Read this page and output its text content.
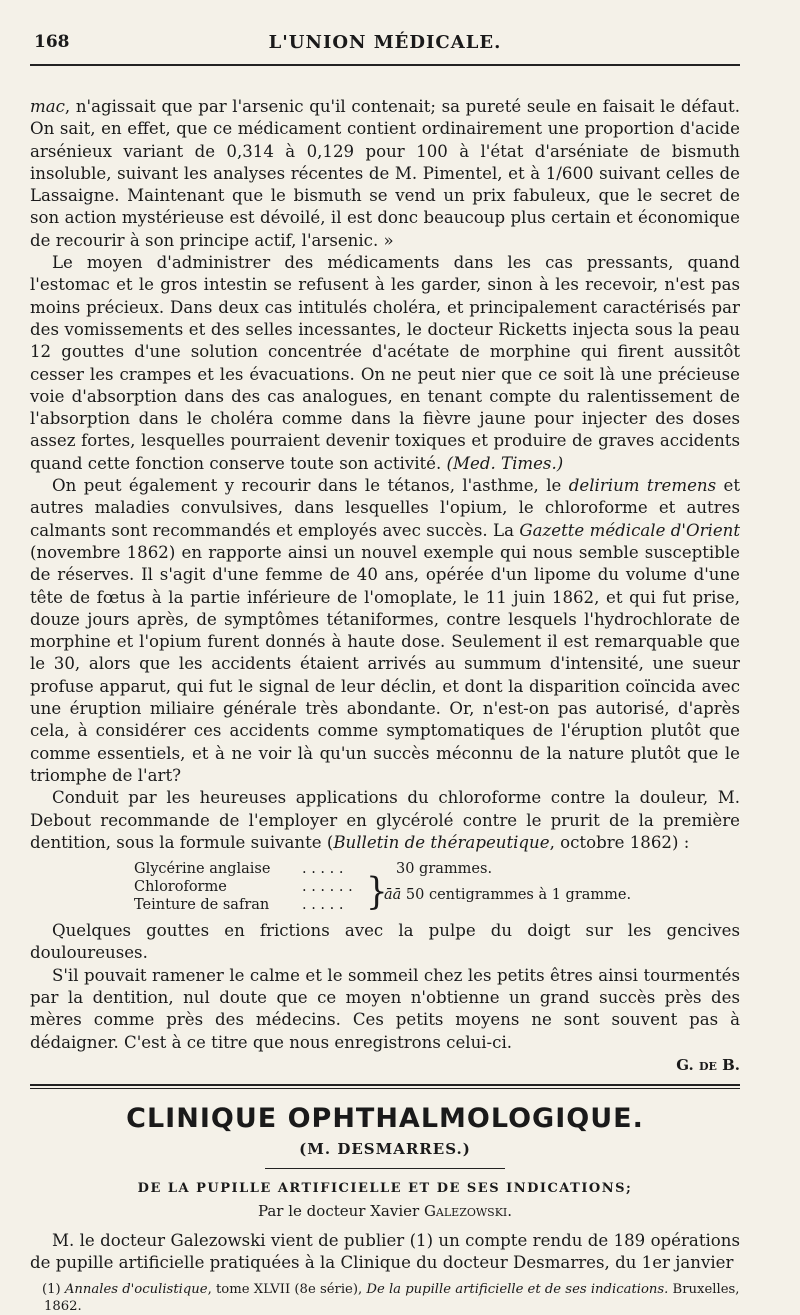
168	L'UNION MÉDICALE.

mac, n'agissait que par l'arsenic qu'il contenait; sa pureté seule en faisait le défaut. On sait, en effet, que ce médicament contient ordinairement une proportion d'acide arsénieux variant de 0,314 à 0,129 pour 100 à l'état d'arséniate de bismuth insoluble, suivant les analyses récentes de M. Pimentel, et à 1/600 suivant celles de Lassaigne. Maintenant que le bismuth se vend un prix fabuleux, que le secret de son action mystérieuse est dévoilé, il est donc beaucoup plus certain et économique de recourir à son principe actif, l'arsenic. »

Le moyen d'administrer des médicaments dans les cas pressants, quand l'estomac et le gros intestin se refusent à les garder, sinon à les recevoir, n'est pas moins précieux. Dans deux cas intitulés choléra, et principalement caractérisés par des vomissements et des selles incessantes, le docteur Ricketts injecta sous la peau 12 gouttes d'une solution concentrée d'acétate de morphine qui firent aussitôt cesser les crampes et les évacuations. On ne peut nier que ce soit là une précieuse voie d'absorption dans des cas analogues, en tenant compte du ralentissement de l'absorption dans le choléra comme dans la fièvre jaune pour injecter des doses assez fortes, lesquelles pourraient devenir toxiques et produire de graves accidents quand cette fonction conserve toute son activité. (Med. Times.)

On peut également y recourir dans le tétanos, l'asthme, le delirium tremens et autres maladies convulsives, dans lesquelles l'opium, le chloroforme et autres calmants sont recommandés et employés avec succès. La Gazette médicale d'Orient (novembre 1862) en rapporte ainsi un nouvel exemple qui nous semble susceptible de réserves. Il s'agit d'une femme de 40 ans, opérée d'un lipome du volume d'une tête de fœtus à la partie inférieure de l'omoplate, le 11 juin 1862, et qui fut prise, douze jours après, de symptômes tétaniformes, contre lesquels l'hydrochlorate de morphine et l'opium furent donnés à haute dose. Seulement il est remarquable que le 30, alors que les accidents étaient arrivés au summum d'intensité, une sueur profuse apparut, qui fut le signal de leur déclin, et dont la disparition coïncida avec une éruption miliaire générale très abondante. Or, n'est-on pas autorisé, d'après cela, à considérer ces accidents comme symptomatiques de l'éruption plutôt que comme essentiels, et à ne voir là qu'un succès méconnu de la nature plutôt que le triomphe de l'art?

Conduit par les heureuses applications du chloroforme contre la douleur, M. Debout recommande de l'employer en glycérolé contre le prurit de la première dentition, sous la formule suivante (Bulletin de thérapeutique, octobre 1862) :

Glycérine anglaise . . . . .	30 grammes.
Chloroforme	. . . . . .
Teinture de safran . . . . . }
āā 50 centigrammes à 1 gramme.

Quelques gouttes en frictions avec la pulpe du doigt sur les gencives douloureuses.

S'il pouvait ramener le calme et le sommeil chez les petits êtres ainsi tourmentés par la dentition, nul doute que ce moyen n'obtienne un grand succès près des mères comme près des médecins. Ces petits moyens ne sont souvent pas à dédaigner. C'est à ce titre que nous enregistrons celui-ci.

G. de B.
CLINIQUE OPHTHALMOLOGIQUE.
(M. DESMARRES.)
DE LA PUPILLE ARTIFICIELLE ET DE SES INDICATIONS;
Par le docteur Xavier Galezowski.
M. le docteur Galezowski vient de publier (1) un compte rendu de 189 opérations de pupille artificielle pratiquées à la Clinique du docteur Desmarres, du 1er janvier
(1) Annales d'oculistique, tome XLVII (8e série), De la pupille artificielle et de ses indications. Bruxelles, 1862.
